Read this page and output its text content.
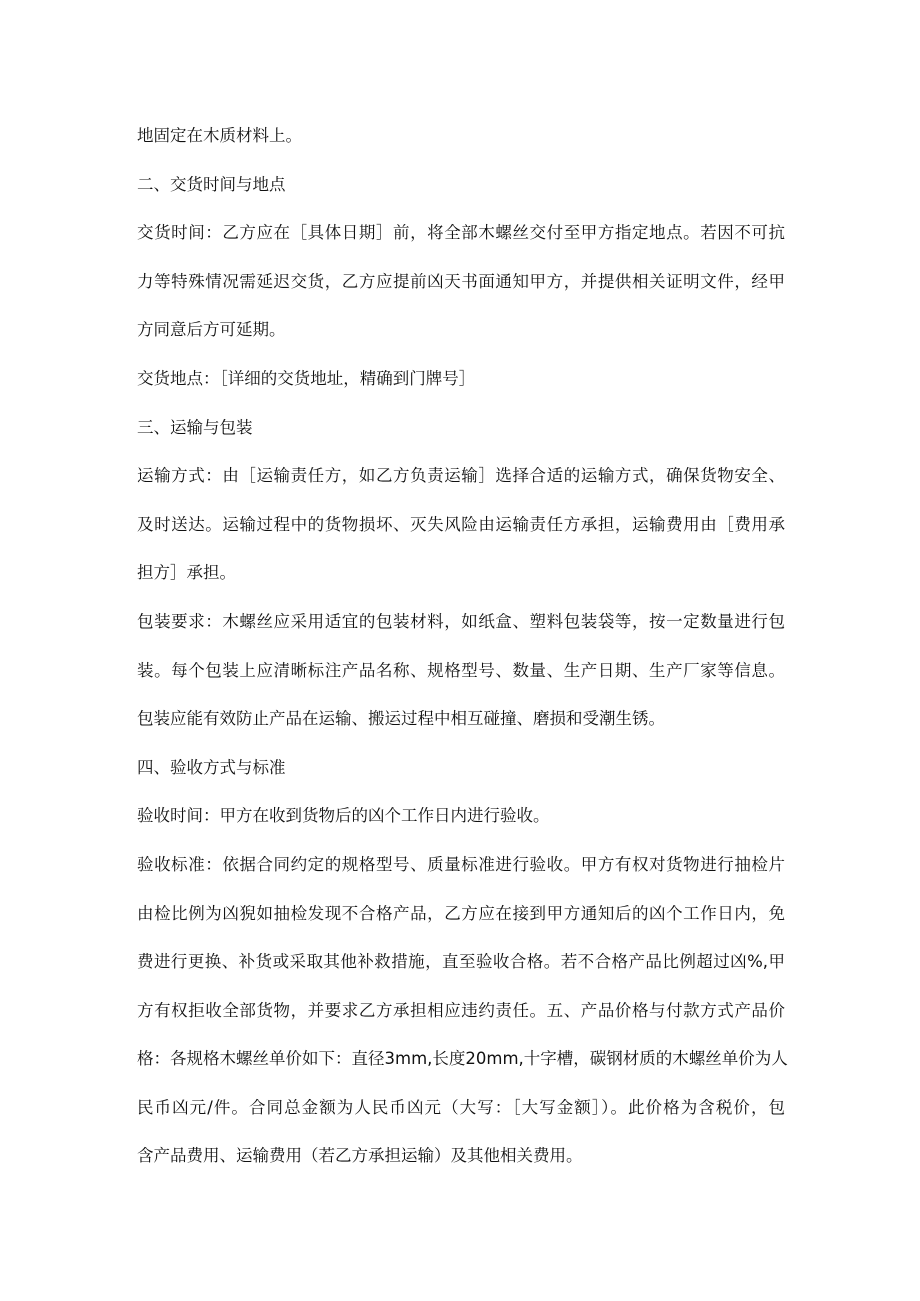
地固定在木质材料上。
二、交货时间与地点
交货时间：乙方应在［具体日期］前，将全部木螺丝交付至甲方指定地点。若因不可抗
力等特殊情况需延迟交货，乙方应提前凶天书面通知甲方，并提供相关证明文件，经甲
方同意后方可延期。
交货地点：［详细的交货地址，精确到门牌号］
三、运输与包装
运输方式：由［运输责任方，如乙方负责运输］选择合适的运输方式，确保货物安全、
及时送达。运输过程中的货物损坏、灭失风险由运输责任方承担，运输费用由［费用承
担方］承担。
包装要求：木螺丝应采用适宜的包装材料，如纸盒、塑料包装袋等，按一定数量进行包
装。每个包装上应清晰标注产品名称、规格型号、数量、生产日期、生产厂家等信息。
包装应能有效防止产品在运输、搬运过程中相互碰撞、磨损和受潮生锈。
四、验收方式与标准
验收时间：甲方在收到货物后的凶个工作日内进行验收。
验收标准：依据合同约定的规格型号、质量标准进行验收。甲方有权对货物进行抽检片
由检比例为凶猊如抽检发现不合格产品，乙方应在接到甲方通知后的凶个工作日内，免
费进行更换、补货或采取其他补救措施，直至验收合格。若不合格产品比例超过凶%,甲
方有权拒收全部货物，并要求乙方承担相应违约责任。五、产品价格与付款方式产品价
格：各规格木螺丝单价如下：直径3mm,长度20mm,十字槽，碳钢材质的木螺丝单价为人
民币凶元/件。合同总金额为人民币凶元（大写：［大写金额］）。此价格为含税价，包
含产品费用、运输费用（若乙方承担运输）及其他相关费用。
